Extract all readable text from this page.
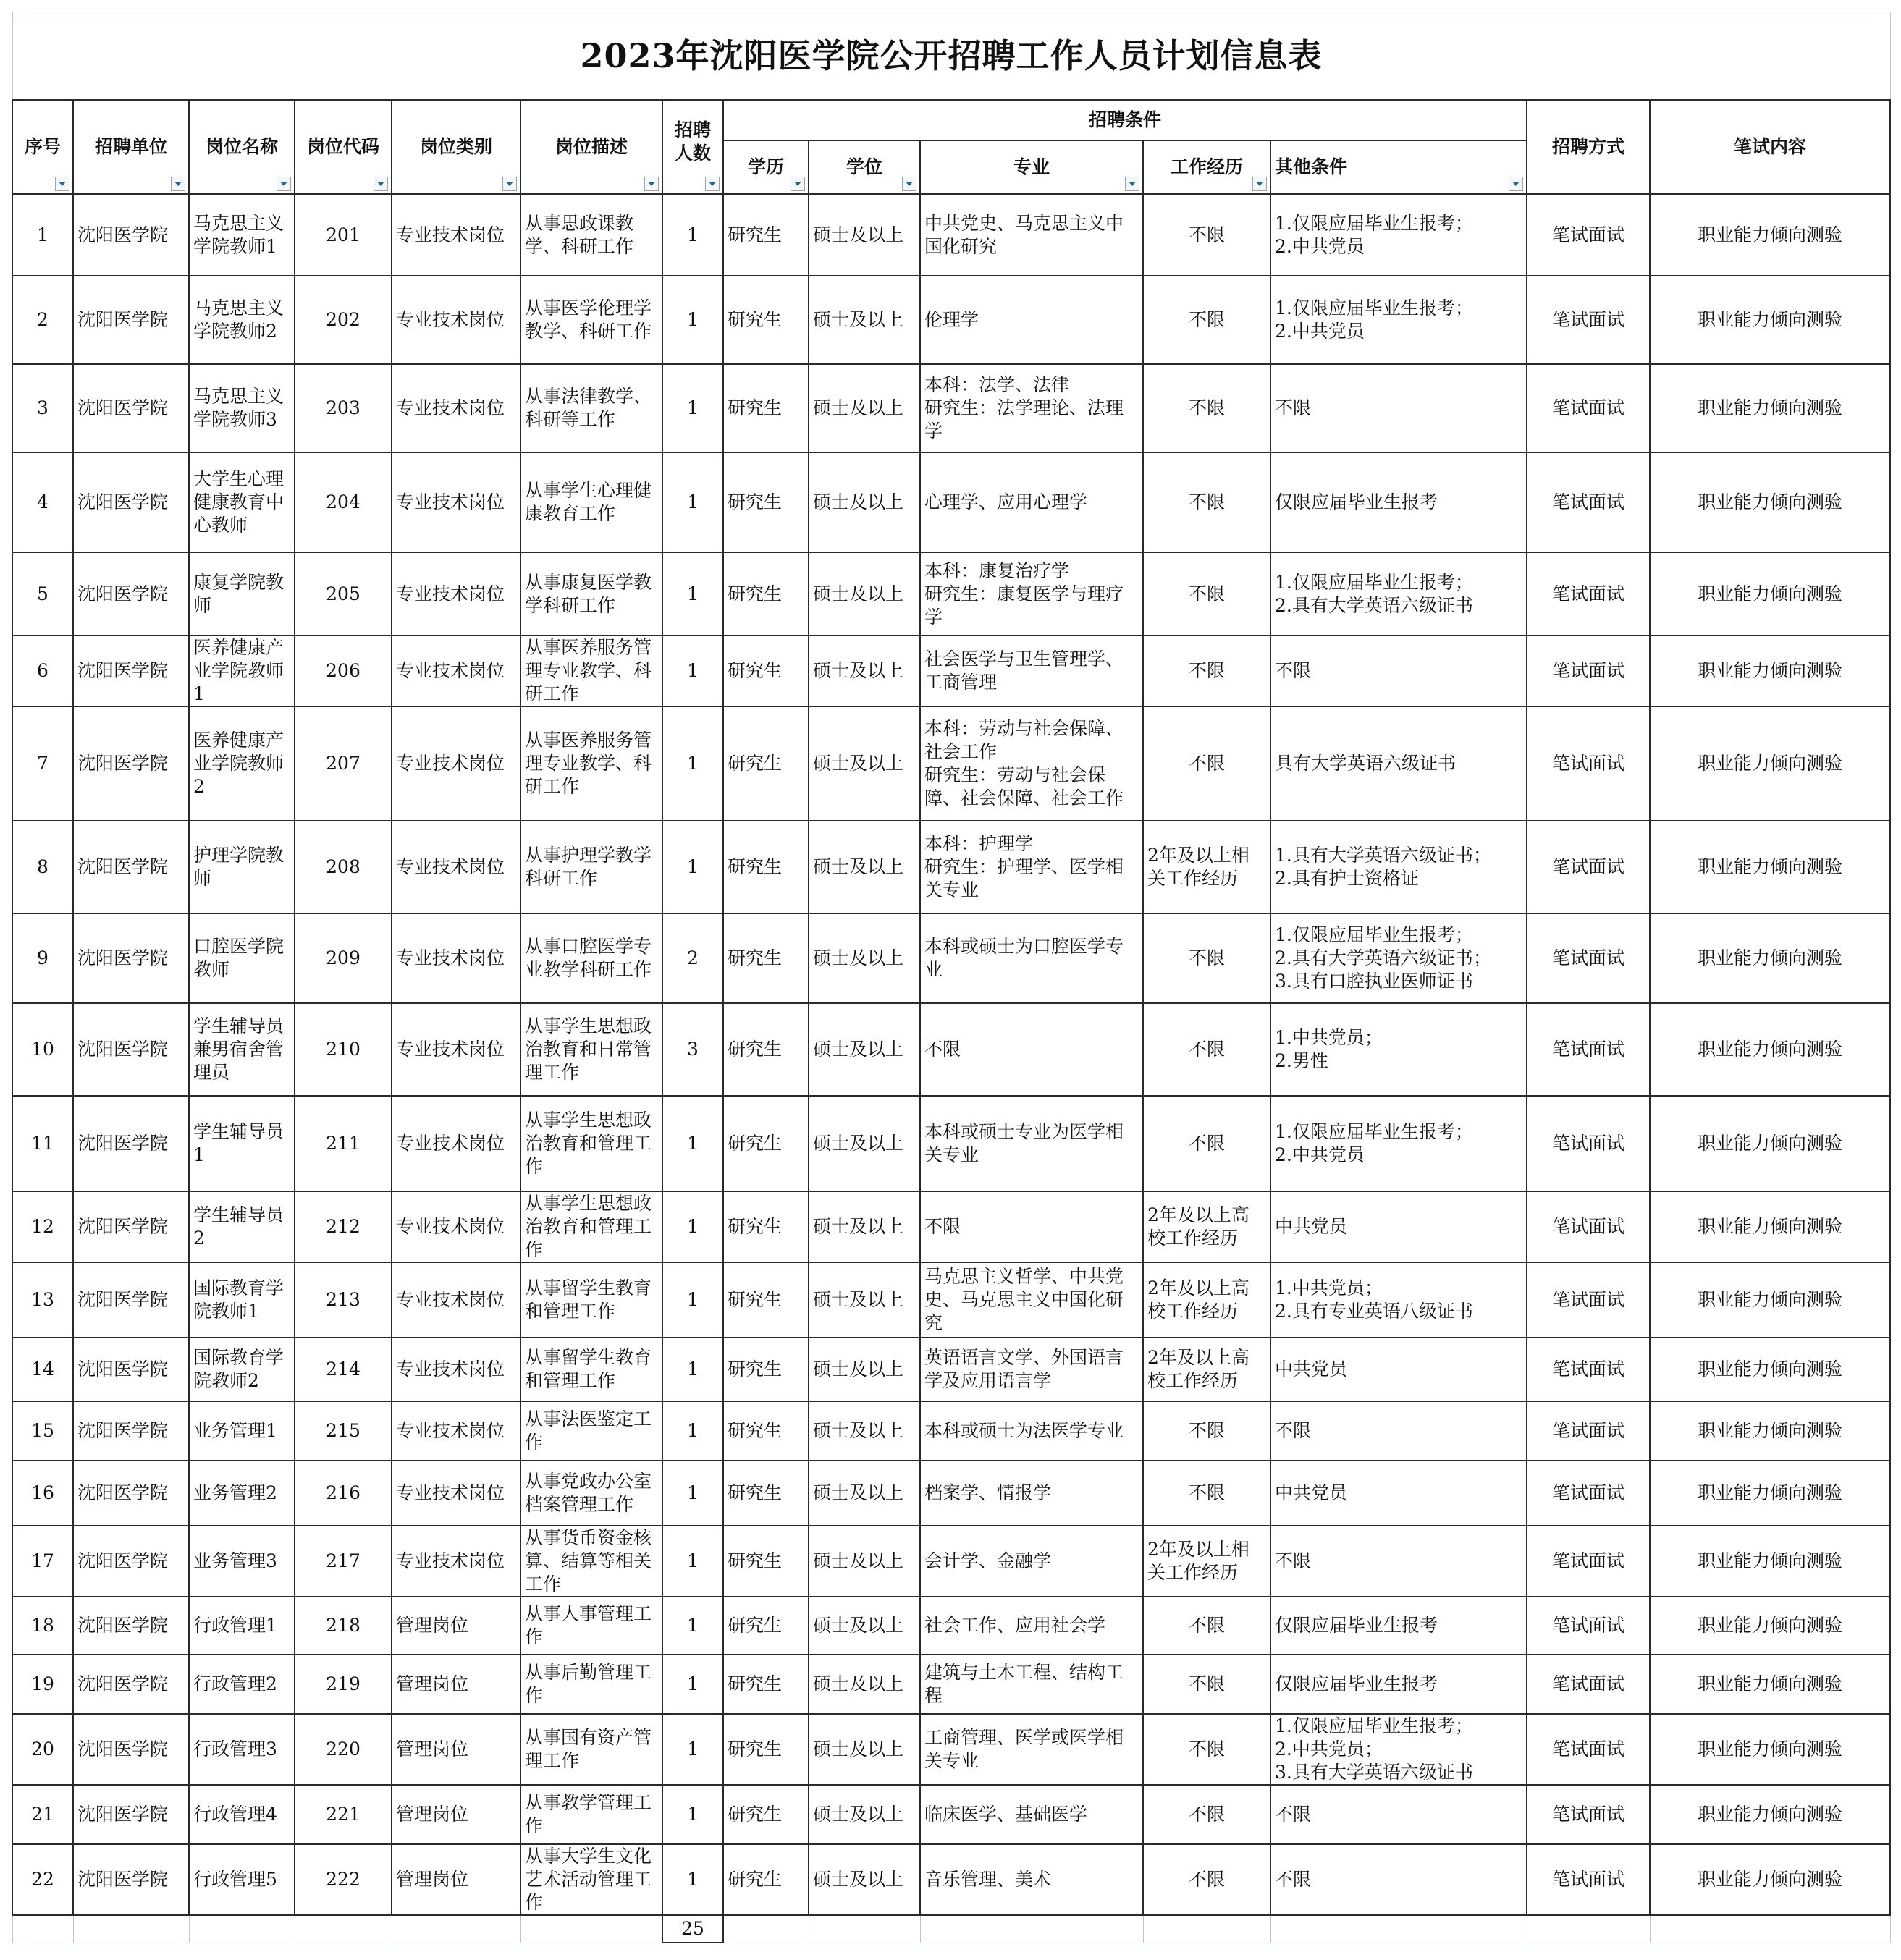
2023年沈阳医学院公开招聘工作人员计划信息表													

序号	招聘单位	岗位名称	岗位代码	岗位类别	岗位描述	招聘人数	招聘条件					招聘方式	笔试内容

							学历	学位	专业	工作经历	其他条件		

1	沈阳医学院	马克思主义学院教师1	201	专业技术岗位	从事思政课教学、科研工作	1	研究生	硕士及以上	中共党史、马克思主义中国化研究	不限	1.仅限应届毕业生报考；
2.中共党员	笔试面试	职业能力倾向测验
2	沈阳医学院	马克思主义学院教师2	202	专业技术岗位	从事医学伦理学教学、科研工作	1	研究生	硕士及以上	伦理学	不限	1.仅限应届毕业生报考；
2.中共党员	笔试面试	职业能力倾向测验
3	沈阳医学院	马克思主义学院教师3	203	专业技术岗位	从事法律教学、科研等工作	1	研究生	硕士及以上	本科：法学、法律
研究生：法学理论、法理学	不限	不限	笔试面试	职业能力倾向测验
4	沈阳医学院	大学生心理健康教育中心教师	204	专业技术岗位	从事学生心理健康教育工作	1	研究生	硕士及以上	心理学、应用心理学	不限	仅限应届毕业生报考	笔试面试	职业能力倾向测验
5	沈阳医学院	康复学院教师	205	专业技术岗位	从事康复医学教学科研工作	1	研究生	硕士及以上	本科：康复治疗学
研究生：康复医学与理疗学	不限	1.仅限应届毕业生报考；
2.具有大学英语六级证书	笔试面试	职业能力倾向测验
6	沈阳医学院	医养健康产业学院教师1	206	专业技术岗位	从事医养服务管理专业教学、科研工作	1	研究生	硕士及以上	社会医学与卫生管理学、工商管理	不限	不限	笔试面试	职业能力倾向测验
7	沈阳医学院	医养健康产业学院教师2	207	专业技术岗位	从事医养服务管理专业教学、科研工作	1	研究生	硕士及以上	本科：劳动与社会保障、社会工作
研究生：劳动与社会保障、社会保障、社会工作	不限	具有大学英语六级证书	笔试面试	职业能力倾向测验
8	沈阳医学院	护理学院教师	208	专业技术岗位	从事护理学教学科研工作	1	研究生	硕士及以上	本科：护理学
研究生：护理学、医学相关专业	2年及以上相关工作经历	1.具有大学英语六级证书；
2.具有护士资格证	笔试面试	职业能力倾向测验
9	沈阳医学院	口腔医学院教师	209	专业技术岗位	从事口腔医学专业教学科研工作	2	研究生	硕士及以上	本科或硕士为口腔医学专业	不限	1.仅限应届毕业生报考；
2.具有大学英语六级证书；
3.具有口腔执业医师证书	笔试面试	职业能力倾向测验
10	沈阳医学院	学生辅导员兼男宿舍管理员	210	专业技术岗位	从事学生思想政治教育和日常管理工作	3	研究生	硕士及以上	不限	不限	1.中共党员；
2.男性	笔试面试	职业能力倾向测验
11	沈阳医学院	学生辅导员1	211	专业技术岗位	从事学生思想政治教育和管理工作	1	研究生	硕士及以上	本科或硕士专业为医学相关专业	不限	1.仅限应届毕业生报考；
2.中共党员	笔试面试	职业能力倾向测验
12	沈阳医学院	学生辅导员2	212	专业技术岗位	从事学生思想政治教育和管理工作	1	研究生	硕士及以上	不限	2年及以上高校工作经历	中共党员	笔试面试	职业能力倾向测验
13	沈阳医学院	国际教育学院教师1	213	专业技术岗位	从事留学生教育和管理工作	1	研究生	硕士及以上	马克思主义哲学、中共党史、马克思主义中国化研究	2年及以上高校工作经历	1.中共党员；
2.具有专业英语八级证书	笔试面试	职业能力倾向测验
14	沈阳医学院	国际教育学院教师2	214	专业技术岗位	从事留学生教育和管理工作	1	研究生	硕士及以上	英语语言文学、外国语言学及应用语言学	2年及以上高校工作经历	中共党员	笔试面试	职业能力倾向测验
15	沈阳医学院	业务管理1	215	专业技术岗位	从事法医鉴定工作	1	研究生	硕士及以上	本科或硕士为法医学专业	不限	不限	笔试面试	职业能力倾向测验
16	沈阳医学院	业务管理2	216	专业技术岗位	从事党政办公室档案管理工作	1	研究生	硕士及以上	档案学、情报学	不限	中共党员	笔试面试	职业能力倾向测验
17	沈阳医学院	业务管理3	217	专业技术岗位	从事货币资金核算、结算等相关工作	1	研究生	硕士及以上	会计学、金融学	2年及以上相关工作经历	不限	笔试面试	职业能力倾向测验
18	沈阳医学院	行政管理1	218	管理岗位	从事人事管理工作	1	研究生	硕士及以上	社会工作、应用社会学	不限	仅限应届毕业生报考	笔试面试	职业能力倾向测验
19	沈阳医学院	行政管理2	219	管理岗位	从事后勤管理工作	1	研究生	硕士及以上	建筑与土木工程、结构工程	不限	仅限应届毕业生报考	笔试面试	职业能力倾向测验
20	沈阳医学院	行政管理3	220	管理岗位	从事国有资产管理工作	1	研究生	硕士及以上	工商管理、医学或医学相关专业	不限	1.仅限应届毕业生报考；
2.中共党员；
3.具有大学英语六级证书	笔试面试	职业能力倾向测验
21	沈阳医学院	行政管理4	221	管理岗位	从事教学管理工作	1	研究生	硕士及以上	临床医学、基础医学	不限	不限	笔试面试	职业能力倾向测验
22	沈阳医学院	行政管理5	222	管理岗位	从事大学生文化艺术活动管理工作	1	研究生	硕士及以上	音乐管理、美术	不限	不限	笔试面试	职业能力倾向测验
						25							
